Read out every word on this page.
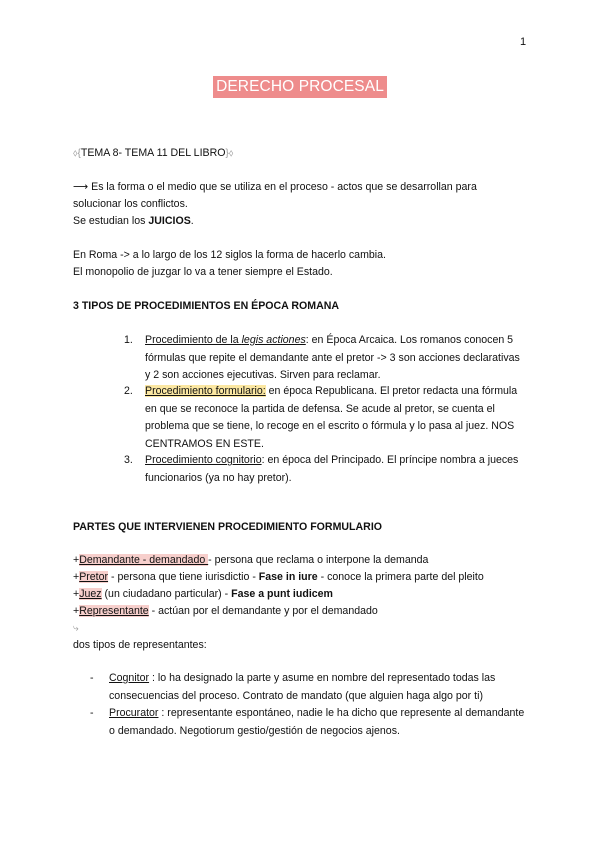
1
DERECHO PROCESAL
⬨{TEMA 8- TEMA 11 DEL LIBRO}⬨
⟶ Es la forma o el medio que se utiliza en el proceso - actos que se desarrollan para
solucionar los conflictos.
Se estudian los JUICIOS.
En Roma -> a lo largo de los 12 siglos la forma de hacerlo cambia.
El monopolio de juzgar lo va a tener siempre el Estado.
3 TIPOS DE PROCEDIMIENTOS EN ÉPOCA ROMANA
1. Procedimiento de la legis actiones: en Época Arcaica. Los romanos conocen 5 fórmulas que repite el demandante ante el pretor -> 3 son acciones declarativas y 2 son acciones ejecutivas. Sirven para reclamar.
2. Procedimiento formulario: en época Republicana. El pretor redacta una fórmula en que se reconoce la partida de defensa. Se acude al pretor, se cuenta el problema que se tiene, lo recoge en el escrito o fórmula y lo pasa al juez. NOS CENTRAMOS EN ESTE.
3. Procedimiento cognitorio: en época del Principado. El príncipe nombra a jueces funcionarios (ya no hay pretor).
PARTES QUE INTERVIENEN PROCEDIMIENTO FORMULARIO
+Demandante - demandado - persona que reclama o interpone la demanda
+Pretor - persona que tiene iurisdictio - Fase in iure - conoce la primera parte del pleito
+Juez (un ciudadano particular) - Fase a punt iudicem
+Representante - actúan por el demandante y por el demandado
⤷
dos tipos de representantes:
- Cognitor : lo ha designado la parte y asume en nombre del representado todas las consecuencias del proceso. Contrato de mandato (que alguien haga algo por ti)
- Procurator : representante espontáneo, nadie le ha dicho que represente al demandante o demandado. Negotiorum gestio/gestión de negocios ajenos.
